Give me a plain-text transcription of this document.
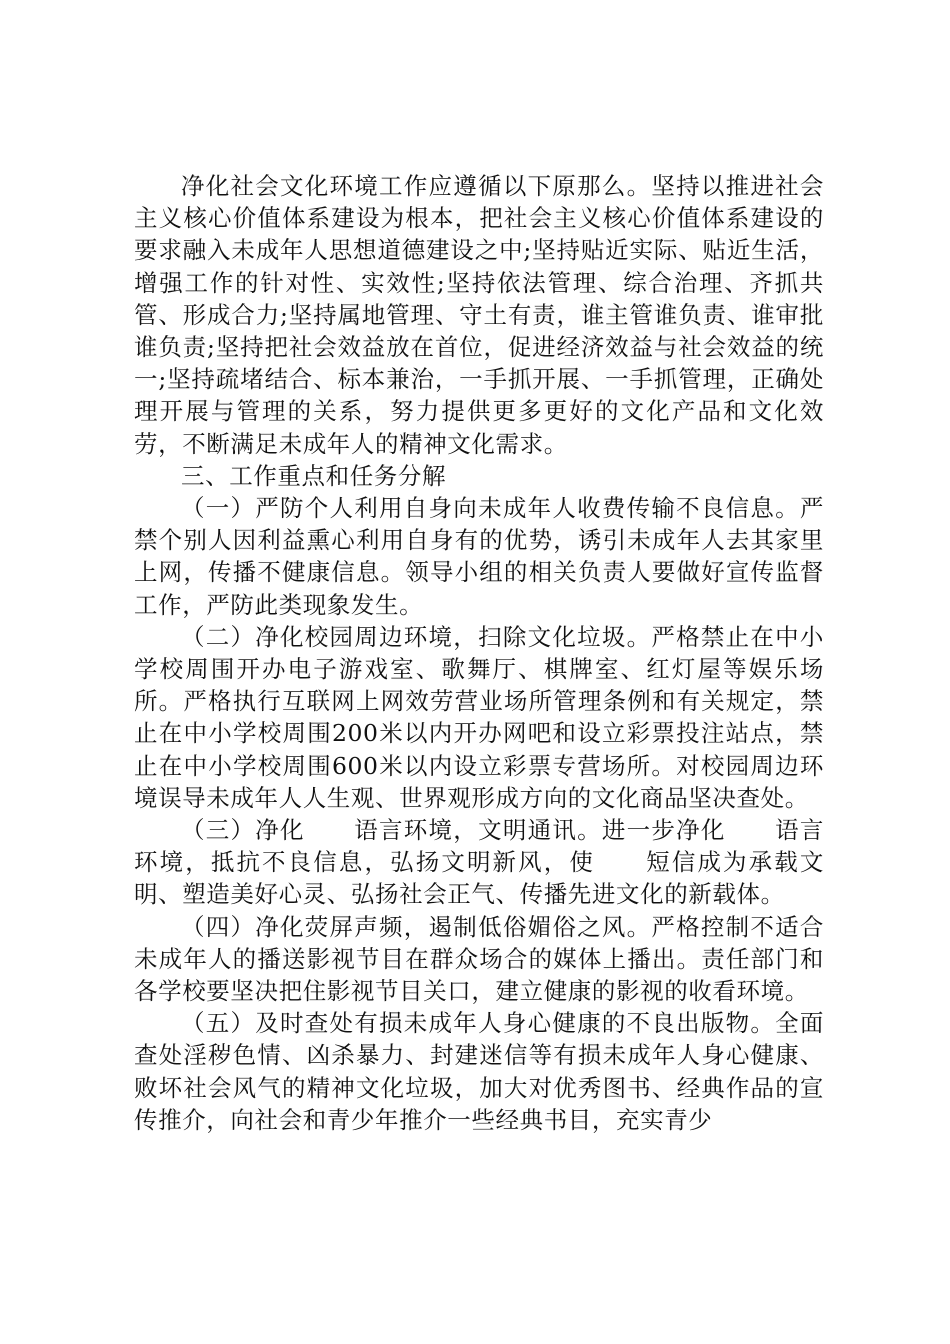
净化社会文化环境工作应遵循以下原那么。坚持以推进社会主义核心价值体系建设为根本，把社会主义核心价值体系建设的要求融入未成年人思想道德建设之中;坚持贴近实际、贴近生活，增强工作的针对性、实效性;坚持依法管理、综合治理、齐抓共管、形成合力;坚持属地管理、守土有责，谁主管谁负责、谁审批谁负责;坚持把社会效益放在首位，促进经济效益与社会效益的统一;坚持疏堵结合、标本兼治，一手抓开展、一手抓管理，正确处理开展与管理的关系，努力提供更多更好的文化产品和文化效劳，不断满足未成年人的精神文化需求。

三、工作重点和任务分解

（一）严防个人利用自身向未成年人收费传输不良信息。严禁个别人因利益熏心利用自身有的优势，诱引未成年人去其家里上网，传播不健康信息。领导小组的相关负责人要做好宣传监督工作，严防此类现象发生。

（二）净化校园周边环境，扫除文化垃圾。严格禁止在中小学校周围开办电子游戏室、歌舞厅、棋牌室、红灯屋等娱乐场所。严格执行互联网上网效劳营业场所管理条例和有关规定，禁止在中小学校周围200米以内开办网吧和设立彩票投注站点，禁止在中小学校周围600米以内设立彩票专营场所。对校园周边环境误导未成年人人生观、世界观形成方向的文化商品坚决查处。

（三）净化　　语言环境，文明通讯。进一步净化　　语言环境，抵抗不良信息，弘扬文明新风，使　　短信成为承载文明、塑造美好心灵、弘扬社会正气、传播先进文化的新载体。

（四）净化荧屏声频，遏制低俗媚俗之风。严格控制不适合未成年人的播送影视节目在群众场合的媒体上播出。责任部门和各学校要坚决把住影视节目关口，建立健康的影视的收看环境。

（五）及时查处有损未成年人身心健康的不良出版物。全面查处淫秽色情、凶杀暴力、封建迷信等有损未成年人身心健康、败坏社会风气的精神文化垃圾，加大对优秀图书、经典作品的宣传推介，向社会和青少年推介一些经典书目，充实青少
